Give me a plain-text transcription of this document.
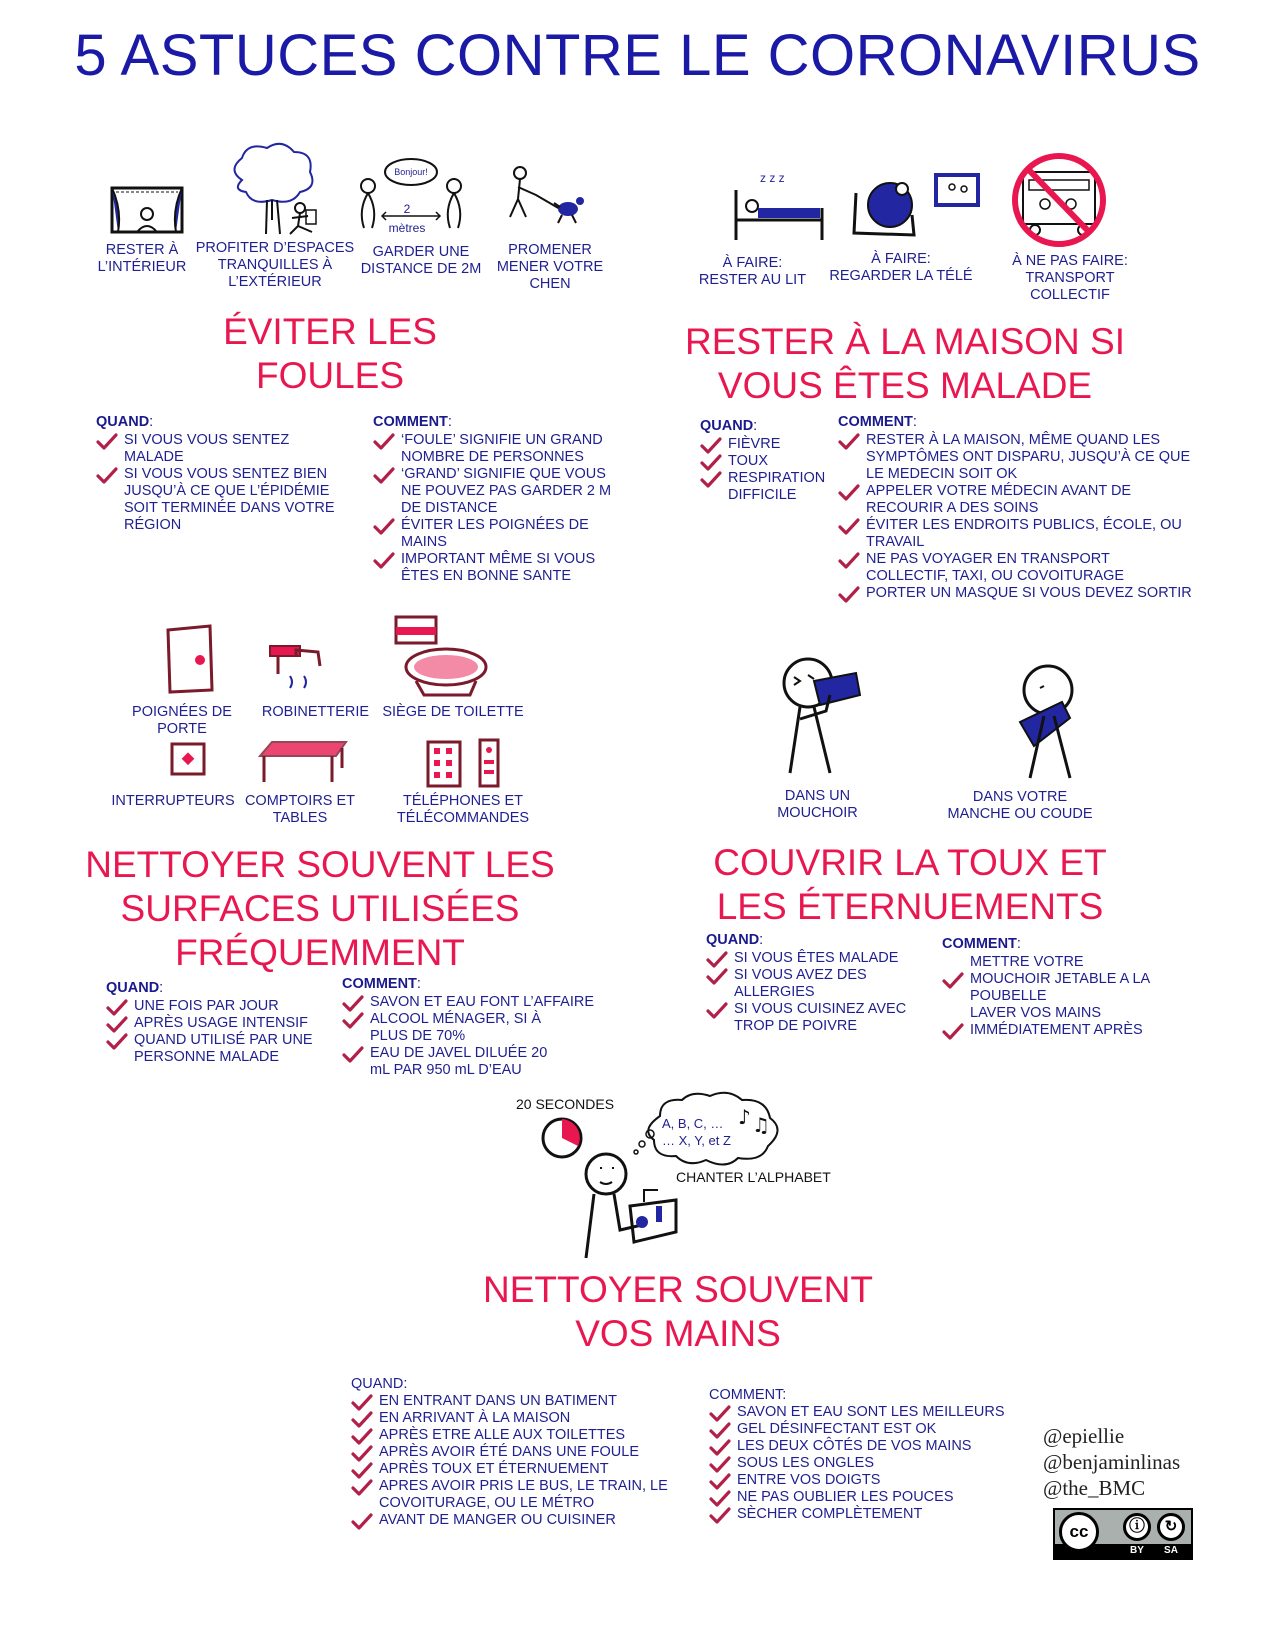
5 ASTUCES CONTRE LE CORONAVIRUS
Bonjour!
2
mètres
RESTER À
L’INTÉRIEUR
PROFITER D’ESPACES
TRANQUILLES À
L’EXTÉRIEUR
GARDER UNE
DISTANCE DE 2M
PROMENER
MENER VOTRE
CHEN
ÉVITER LES
FOULES
QUAND:
SI VOUS VOUS SENTEZ MALADE
SI VOUS VOUS SENTEZ BIEN JUSQU’À CE QUE L’ÉPIDÉMIE SOIT TERMINÉE DANS VOTRE RÉGION
COMMENT:
‘FOULE’ SIGNIFIE UN GRAND NOMBRE DE PERSONNES
‘GRAND’ SIGNIFIE QUE VOUS NE POUVEZ PAS GARDER 2 M DE DISTANCE
ÉVITER LES POIGNÉES DE MAINS
IMPORTANT MÊME SI VOUS ÊTES EN BONNE SANTE
z z z
À FAIRE:
RESTER AU LIT
À FAIRE:
REGARDER LA TÉLÉ
À NE PAS FAIRE:
TRANSPORT COLLECTIF
RESTER À LA MAISON SI
VOUS ÊTES MALADE
QUAND:
FIÈVRE
TOUX
RESPIRATION DIFFICILE
COMMENT:
RESTER À LA MAISON, MÊME QUAND LES SYMPTÔMES ONT DISPARU, JUSQU’À CE QUE LE MEDECIN SOIT OK
APPELER VOTRE MÉDECIN AVANT DE RECOURIR A DES SOINS
ÉVITER LES ENDROITS PUBLICS, ÉCOLE, OU TRAVAIL
NE PAS VOYAGER EN TRANSPORT COLLECTIF, TAXI, OU COVOITURAGE
PORTER UN MASQUE SI VOUS DEVEZ SORTIR
POIGNÉES DE
PORTE
ROBINETTERIE SIÈGE DE TOILETTE
INTERRUPTEURS COMPTOIRS ET
TABLES
TÉLÉPHONES ET
TÉLÉCOMMANDES
NETTOYER SOUVENT LES
SURFACES UTILISÉES
FRÉQUEMMENT
QUAND:
UNE FOIS PAR JOUR
APRÈS USAGE INTENSIF
QUAND UTILISÉ PAR UNE PERSONNE MALADE
COMMENT:
SAVON ET EAU FONT L’AFFAIRE
ALCOOL MÉNAGER, SI À PLUS DE 70%
EAU DE JAVEL DILUÉE 20 mL PAR 950 mL D’EAU
DANS UN
MOUCHOIR
DANS VOTRE
MANCHE OU COUDE
COUVRIR LA TOUX ET
LES ÉTERNUEMENTS
QUAND:
SI VOUS ÊTES MALADE
SI VOUS AVEZ DES ALLERGIES
SI VOUS CUISINEZ AVEC TROP DE POIVRE
COMMENT:
METTRE VOTRE MOUCHOIR JETABLE A LA POUBELLE
LAVER VOS MAINS IMMÉDIATEMENT APRÈS
20 SECONDES
♪ ♫
A, B, C, …
… X, Y, et Z
CHANTER L’ALPHABET
NETTOYER SOUVENT
VOS MAINS
QUAND:
EN ENTRANT DANS UN BATIMENT
EN ARRIVANT À LA MAISON
APRÈS ETRE ALLE AUX TOILETTES
APRÈS AVOIR ÉTÉ DANS UNE FOULE
APRÈS TOUX ET ÉTERNUEMENT
APRES AVOIR PRIS LE BUS, LE TRAIN, LE COVOITURAGE, OU LE MÉTRO
AVANT DE MANGER OU CUISINER
COMMENT:
SAVON ET EAU SONT LES MEILLEURS
GEL DÉSINFECTANT EST OK
LES DEUX CÔTÉS DE VOS MAINS
SOUS LES ONGLES
ENTRE VOS DOIGTS
NE PAS OUBLIER LES POUCES
SÈCHER COMPLÈTEMENT
@epiellie
@benjaminlinas
@the_BMC
cc	ⓘ	↻
BY	SA
